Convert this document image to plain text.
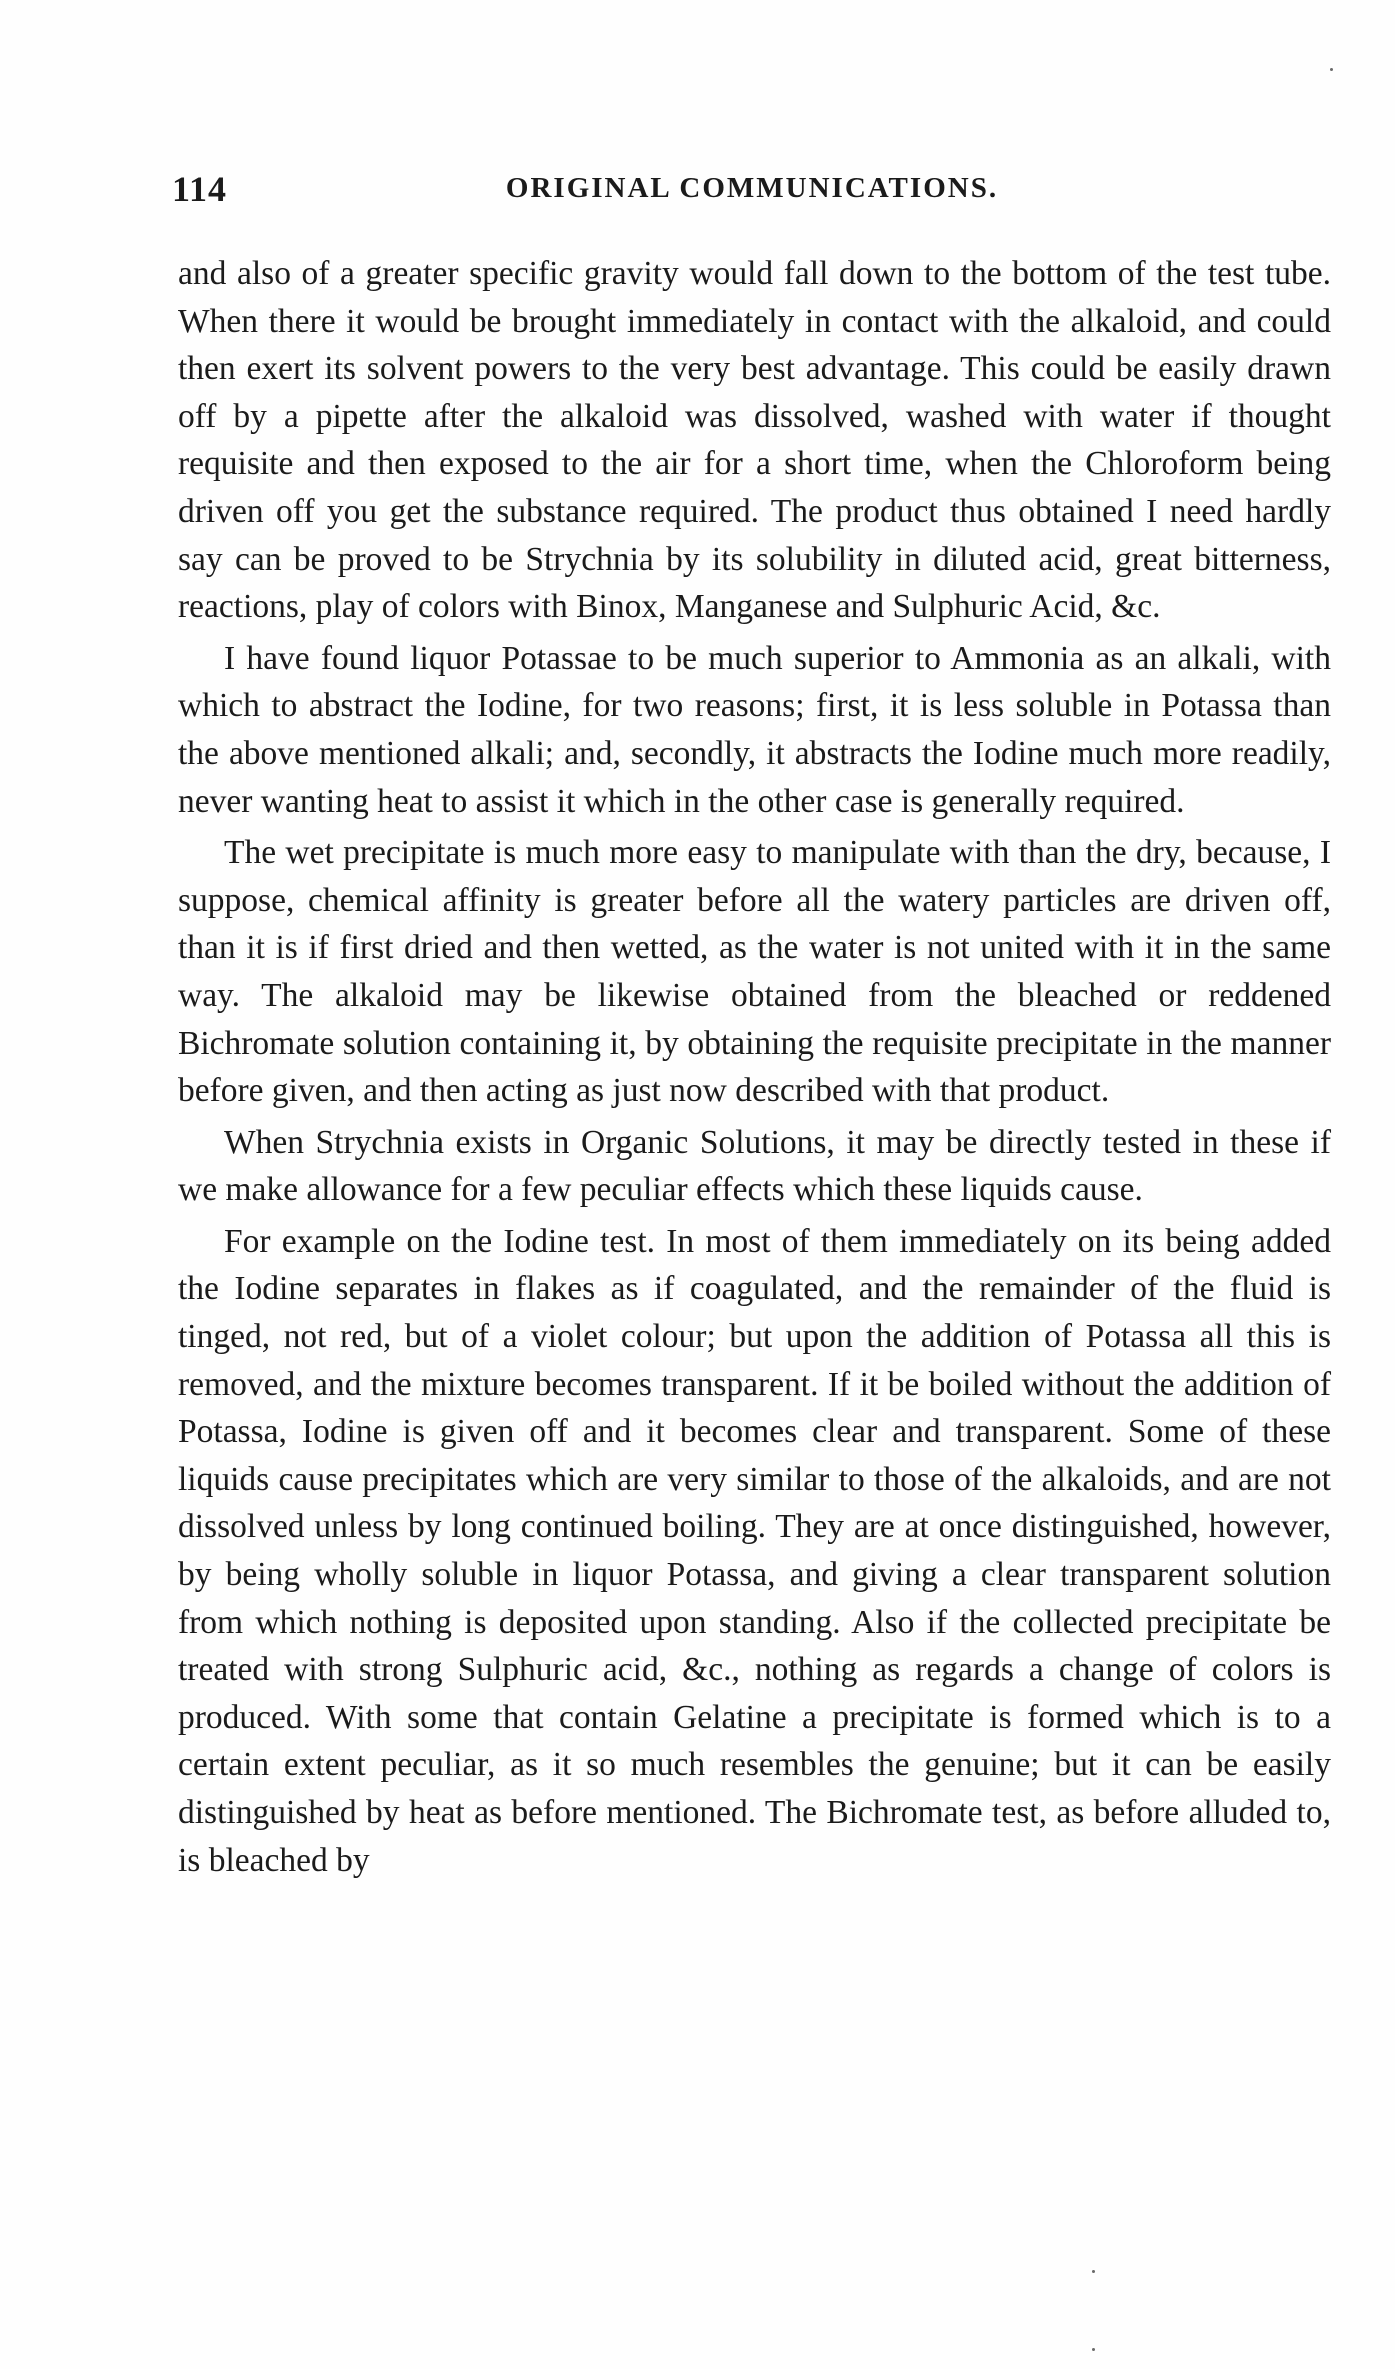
114	ORIGINAL COMMUNICATIONS.

and also of a greater specific gravity would fall down to the bottom of the test tube. When there it would be brought immediately in contact with the alkaloid, and could then exert its solvent powers to the very best advantage. This could be easily drawn off by a pipette after the alkaloid was dissolved, washed with water if thought requisite and then exposed to the air for a short time, when the Chloroform being driven off you get the substance required. The product thus obtained I need hardly say can be proved to be Strychnia by its solubility in diluted acid, great bitterness, reactions, play of colors with Binox, Manganese and Sulphuric Acid, &c.

I have found liquor Potassae to be much superior to Ammonia as an alkali, with which to abstract the Iodine, for two reasons; first, it is less soluble in Potassa than the above mentioned alkali; and, secondly, it abstracts the Iodine much more readily, never wanting heat to assist it which in the other case is generally required.

The wet precipitate is much more easy to manipulate with than the dry, because, I suppose, chemical affinity is greater before all the watery particles are driven off, than it is if first dried and then wetted, as the water is not united with it in the same way. The alkaloid may be likewise obtained from the bleached or reddened Bichromate solution containing it, by obtaining the requisite precipitate in the manner before given, and then acting as just now described with that product.

When Strychnia exists in Organic Solutions, it may be directly tested in these if we make allowance for a few peculiar effects which these liquids cause.

For example on the Iodine test. In most of them immediately on its being added the Iodine separates in flakes as if coagulated, and the remainder of the fluid is tinged, not red, but of a violet colour; but upon the addition of Potassa all this is removed, and the mixture becomes transparent. If it be boiled without the addition of Potassa, Iodine is given off and it becomes clear and transparent. Some of these liquids cause precipitates which are very similar to those of the alkaloids, and are not dissolved unless by long continued boiling. They are at once distinguished, however, by being wholly soluble in liquor Potassa, and giving a clear transparent solution from which nothing is deposited upon standing. Also if the collected precipitate be treated with strong Sulphuric acid, &c., nothing as regards a change of colors is produced. With some that contain Gelatine a precipitate is formed which is to a certain extent peculiar, as it so much resembles the genuine; but it can be easily distinguished by heat as before mentioned. The Bichromate test, as before alluded to, is bleached by
